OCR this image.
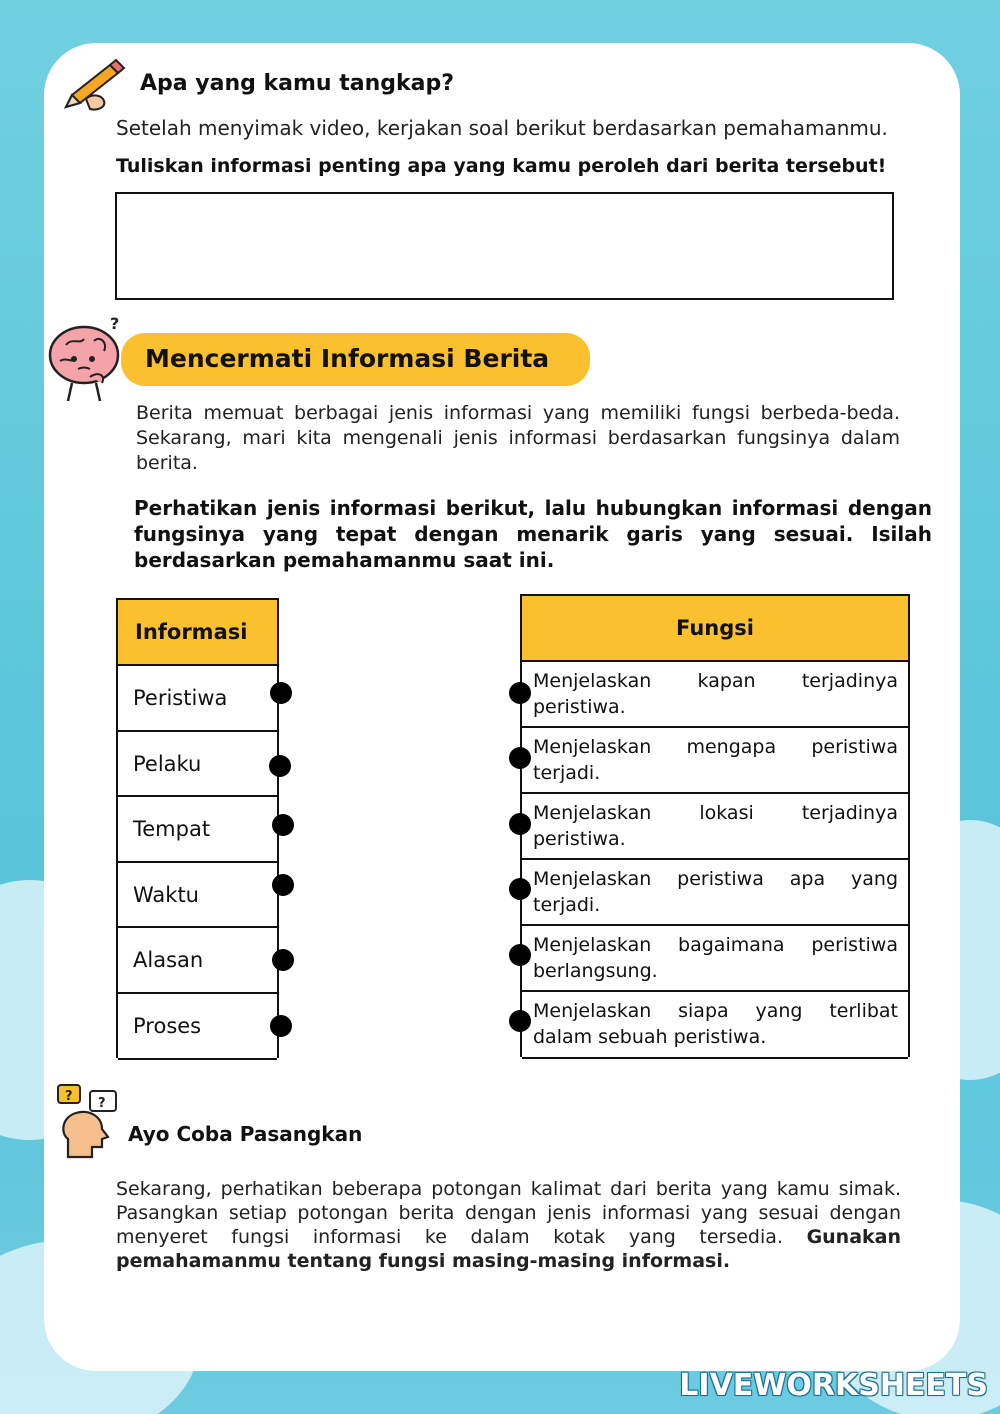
Apa yang kamu tangkap?
Setelah menyimak video, kerjakan soal berikut berdasarkan pemahamanmu.
Tuliskan informasi penting apa yang kamu peroleh dari berita tersebut!
?
Mencermati Informasi Berita
Berita memuat berbagai jenis informasi yang memiliki fungsi berbeda-beda. Sekarang, mari kita mengenali jenis informasi berdasarkan fungsinya dalam berita.
Perhatikan jenis informasi berikut, lalu hubungkan informasi dengan fungsinya yang tepat dengan menarik garis yang sesuai. Isilah berdasarkan pemahamanmu saat ini.
Informasi
Peristiwa
Pelaku
Tempat
Waktu
Alasan
Proses
Fungsi
Menjelaskan kapan terjadinya peristiwa.
Menjelaskan mengapa peristiwa terjadi.
Menjelaskan lokasi terjadinya peristiwa.
Menjelaskan peristiwa apa yang terjadi.
Menjelaskan bagaimana peristiwa berlangsung.
Menjelaskan siapa yang terlibat dalam sebuah peristiwa.
? ?
Ayo Coba Pasangkan
Sekarang, perhatikan beberapa potongan kalimat dari berita yang kamu simak. Pasangkan setiap potongan berita dengan jenis informasi yang sesuai dengan menyeret fungsi informasi ke dalam kotak yang tersedia. Gunakan pemahamanmu tentang fungsi masing-masing informasi.
LIVEWORKSHEETS
